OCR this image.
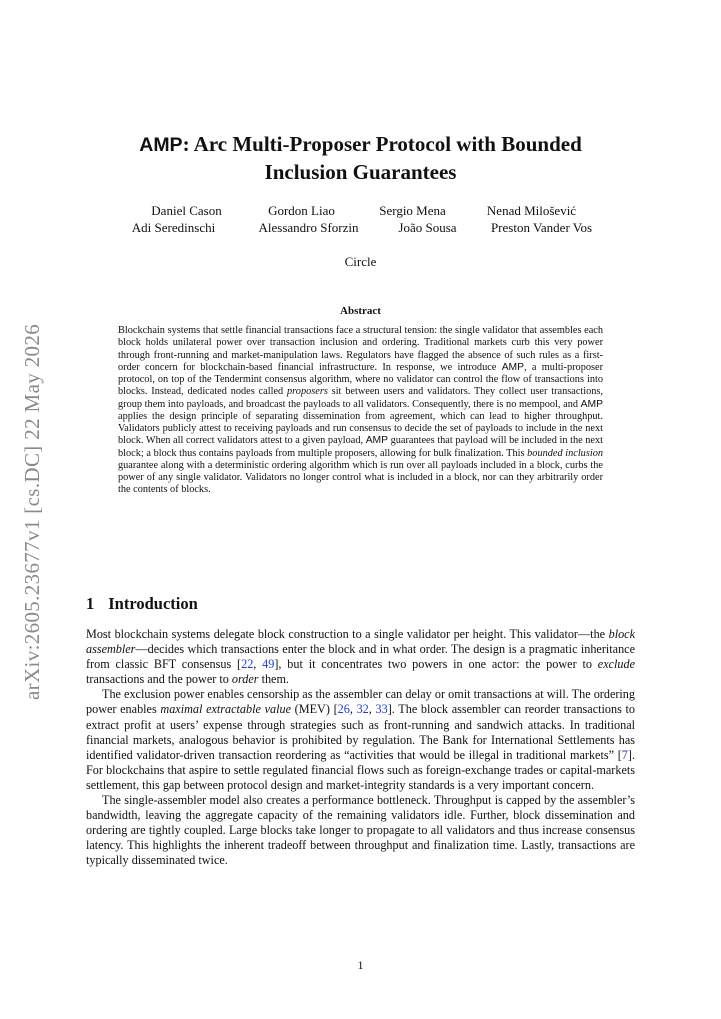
arXiv:2605.23677v1 [cs.DC] 22 May 2026
AMP: Arc Multi-Proposer Protocol with Bounded
Inclusion Guarantees
Daniel Cason	Gordon Liao	Sergio Mena	Nenad Milošević
Adi Seredinschi	Alessandro Sforzin	João Sousa	Preston Vander Vos
Circle
Abstract
Blockchain systems that settle financial transactions face a structural tension: the single validator that assembles each block holds unilateral power over transaction inclusion and ordering. Traditional markets curb this very power through front-running and market-manipulation laws. Regulators have flagged the absence of such rules as a first-order concern for blockchain-based financial infrastructure. In response, we introduce AMP, a multi-proposer protocol, on top of the Tendermint consensus algorithm, where no validator can control the flow of transactions into blocks. Instead, dedicated nodes called proposers sit between users and validators. They collect user transactions, group them into payloads, and broadcast the payloads to all validators. Consequently, there is no mempool, and AMP applies the design principle of separating dissemination from agreement, which can lead to higher throughput. Validators publicly attest to receiving payloads and run consensus to decide the set of payloads to include in the next block. When all correct validators attest to a given payload, AMP guarantees that payload will be included in the next block; a block thus contains payloads from multiple proposers, allowing for bulk finalization. This bounded inclusion guarantee along with a deterministic ordering algorithm which is run over all payloads included in a block, curbs the power of any single validator. Validators no longer control what is included in a block, nor can they arbitrarily order the contents of blocks.
1 Introduction

Most blockchain systems delegate block construction to a single validator per height. This validator—the block assembler—decides which transactions enter the block and in what order. The design is a pragmatic inheritance from classic BFT consensus [22, 49], but it concentrates two powers in one actor: the power to exclude transactions and the power to order them.

The exclusion power enables censorship as the assembler can delay or omit transactions at will. The ordering power enables maximal extractable value (MEV) [26, 32, 33]. The block assembler can reorder transactions to extract profit at users’ expense through strategies such as front-running and sandwich attacks. In traditional financial markets, analogous behavior is prohibited by regulation. The Bank for International Settlements has identified validator-driven transaction reordering as “activities that would be illegal in traditional markets” [7]. For blockchains that aspire to settle regulated financial flows such as foreign-exchange trades or capital-markets settlement, this gap between protocol design and market-integrity standards is a very important concern.

The single-assembler model also creates a performance bottleneck. Throughput is capped by the assembler’s bandwidth, leaving the aggregate capacity of the remaining validators idle. Further, block dissemination and ordering are tightly coupled. Large blocks take longer to propagate to all validators and thus increase consensus latency. This highlights the inherent tradeoff between throughput and finalization time. Lastly, transactions are typically disseminated twice.

1
